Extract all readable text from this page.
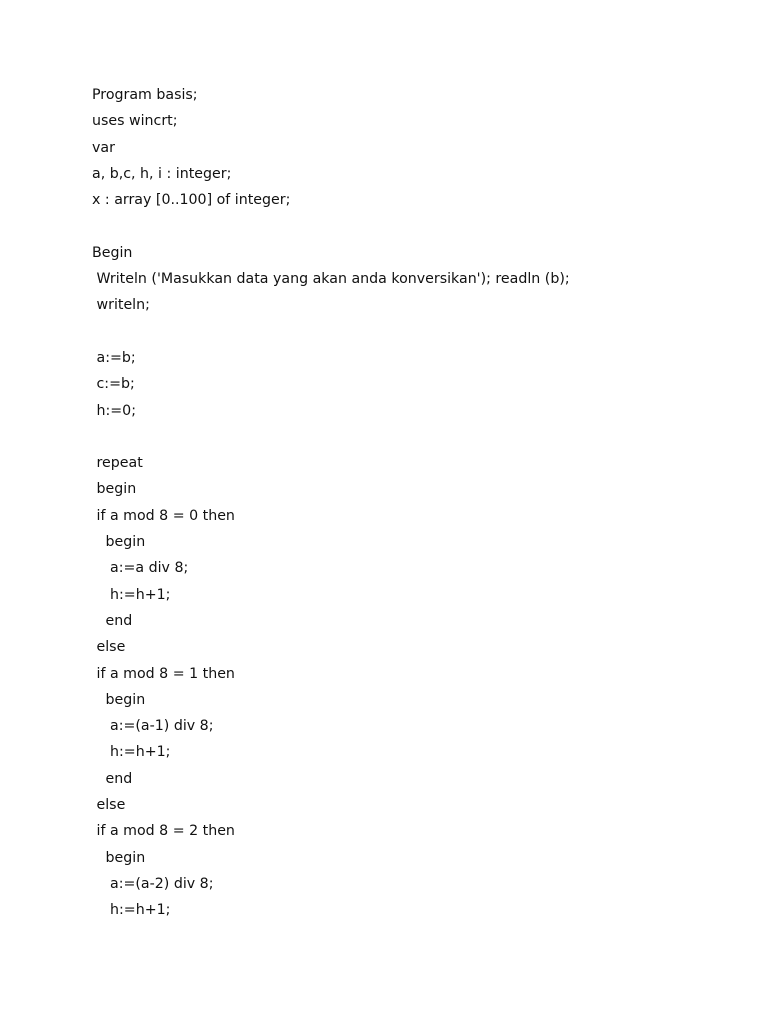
Program basis;
uses wincrt;
var
a, b,c, h, i : integer;
x : array [0..100] of integer;
Begin
Writeln ('Masukkan data yang akan anda konversikan'); readln (b);
writeln;
a:=b;
c:=b;
h:=0;
repeat
begin
if a mod 8 = 0 then
begin
a:=a div 8;
h:=h+1;
end
else
if a mod 8 = 1 then
begin
a:=(a-1) div 8;
h:=h+1;
end
else
if a mod 8 = 2 then
begin
a:=(a-2) div 8;
h:=h+1;
